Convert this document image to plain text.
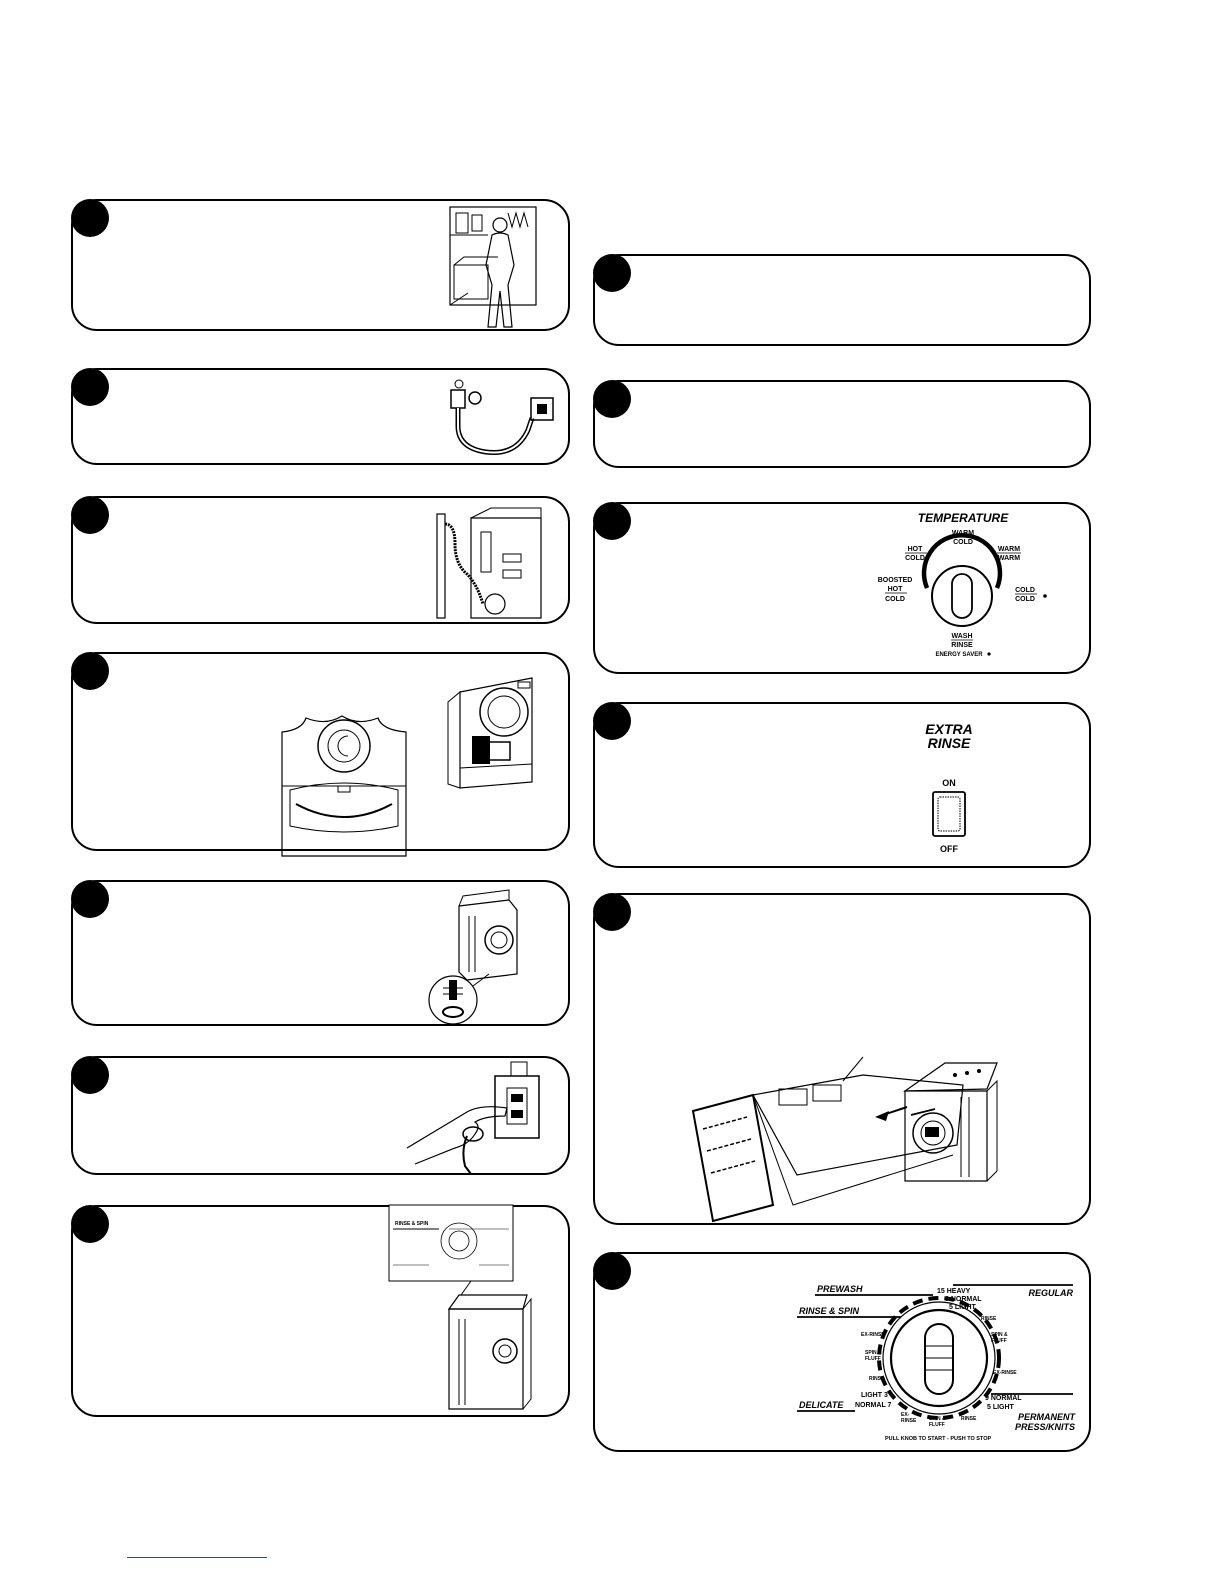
RINSE & SPIN
TEMPERATURE
WARM
COLD
HOT
COLD
WARM
WARM
BOOSTED
HOT
COLD
COLD
COLD
WASH
RINSE
ENERGY SAVER
EXTRA
RINSE
ON
OFF
PREWASH
RINSE & SPIN
REGULAR
DELICATE
PERMANENT
PRESS/KNITS
15 HEAVY
9 NORMAL
5 LIGHT
RINSE
SPIN &
FLUFF
EX-RINSE
9 NORMAL
5 LIGHT
EX-RINSE
SPIN &
FLUFF
RINSE
LIGHT 3
NORMAL 7
EX-
RINSE	SPIN &
FLUFF
RINSE
PULL KNOB TO START - PUSH TO STOP
